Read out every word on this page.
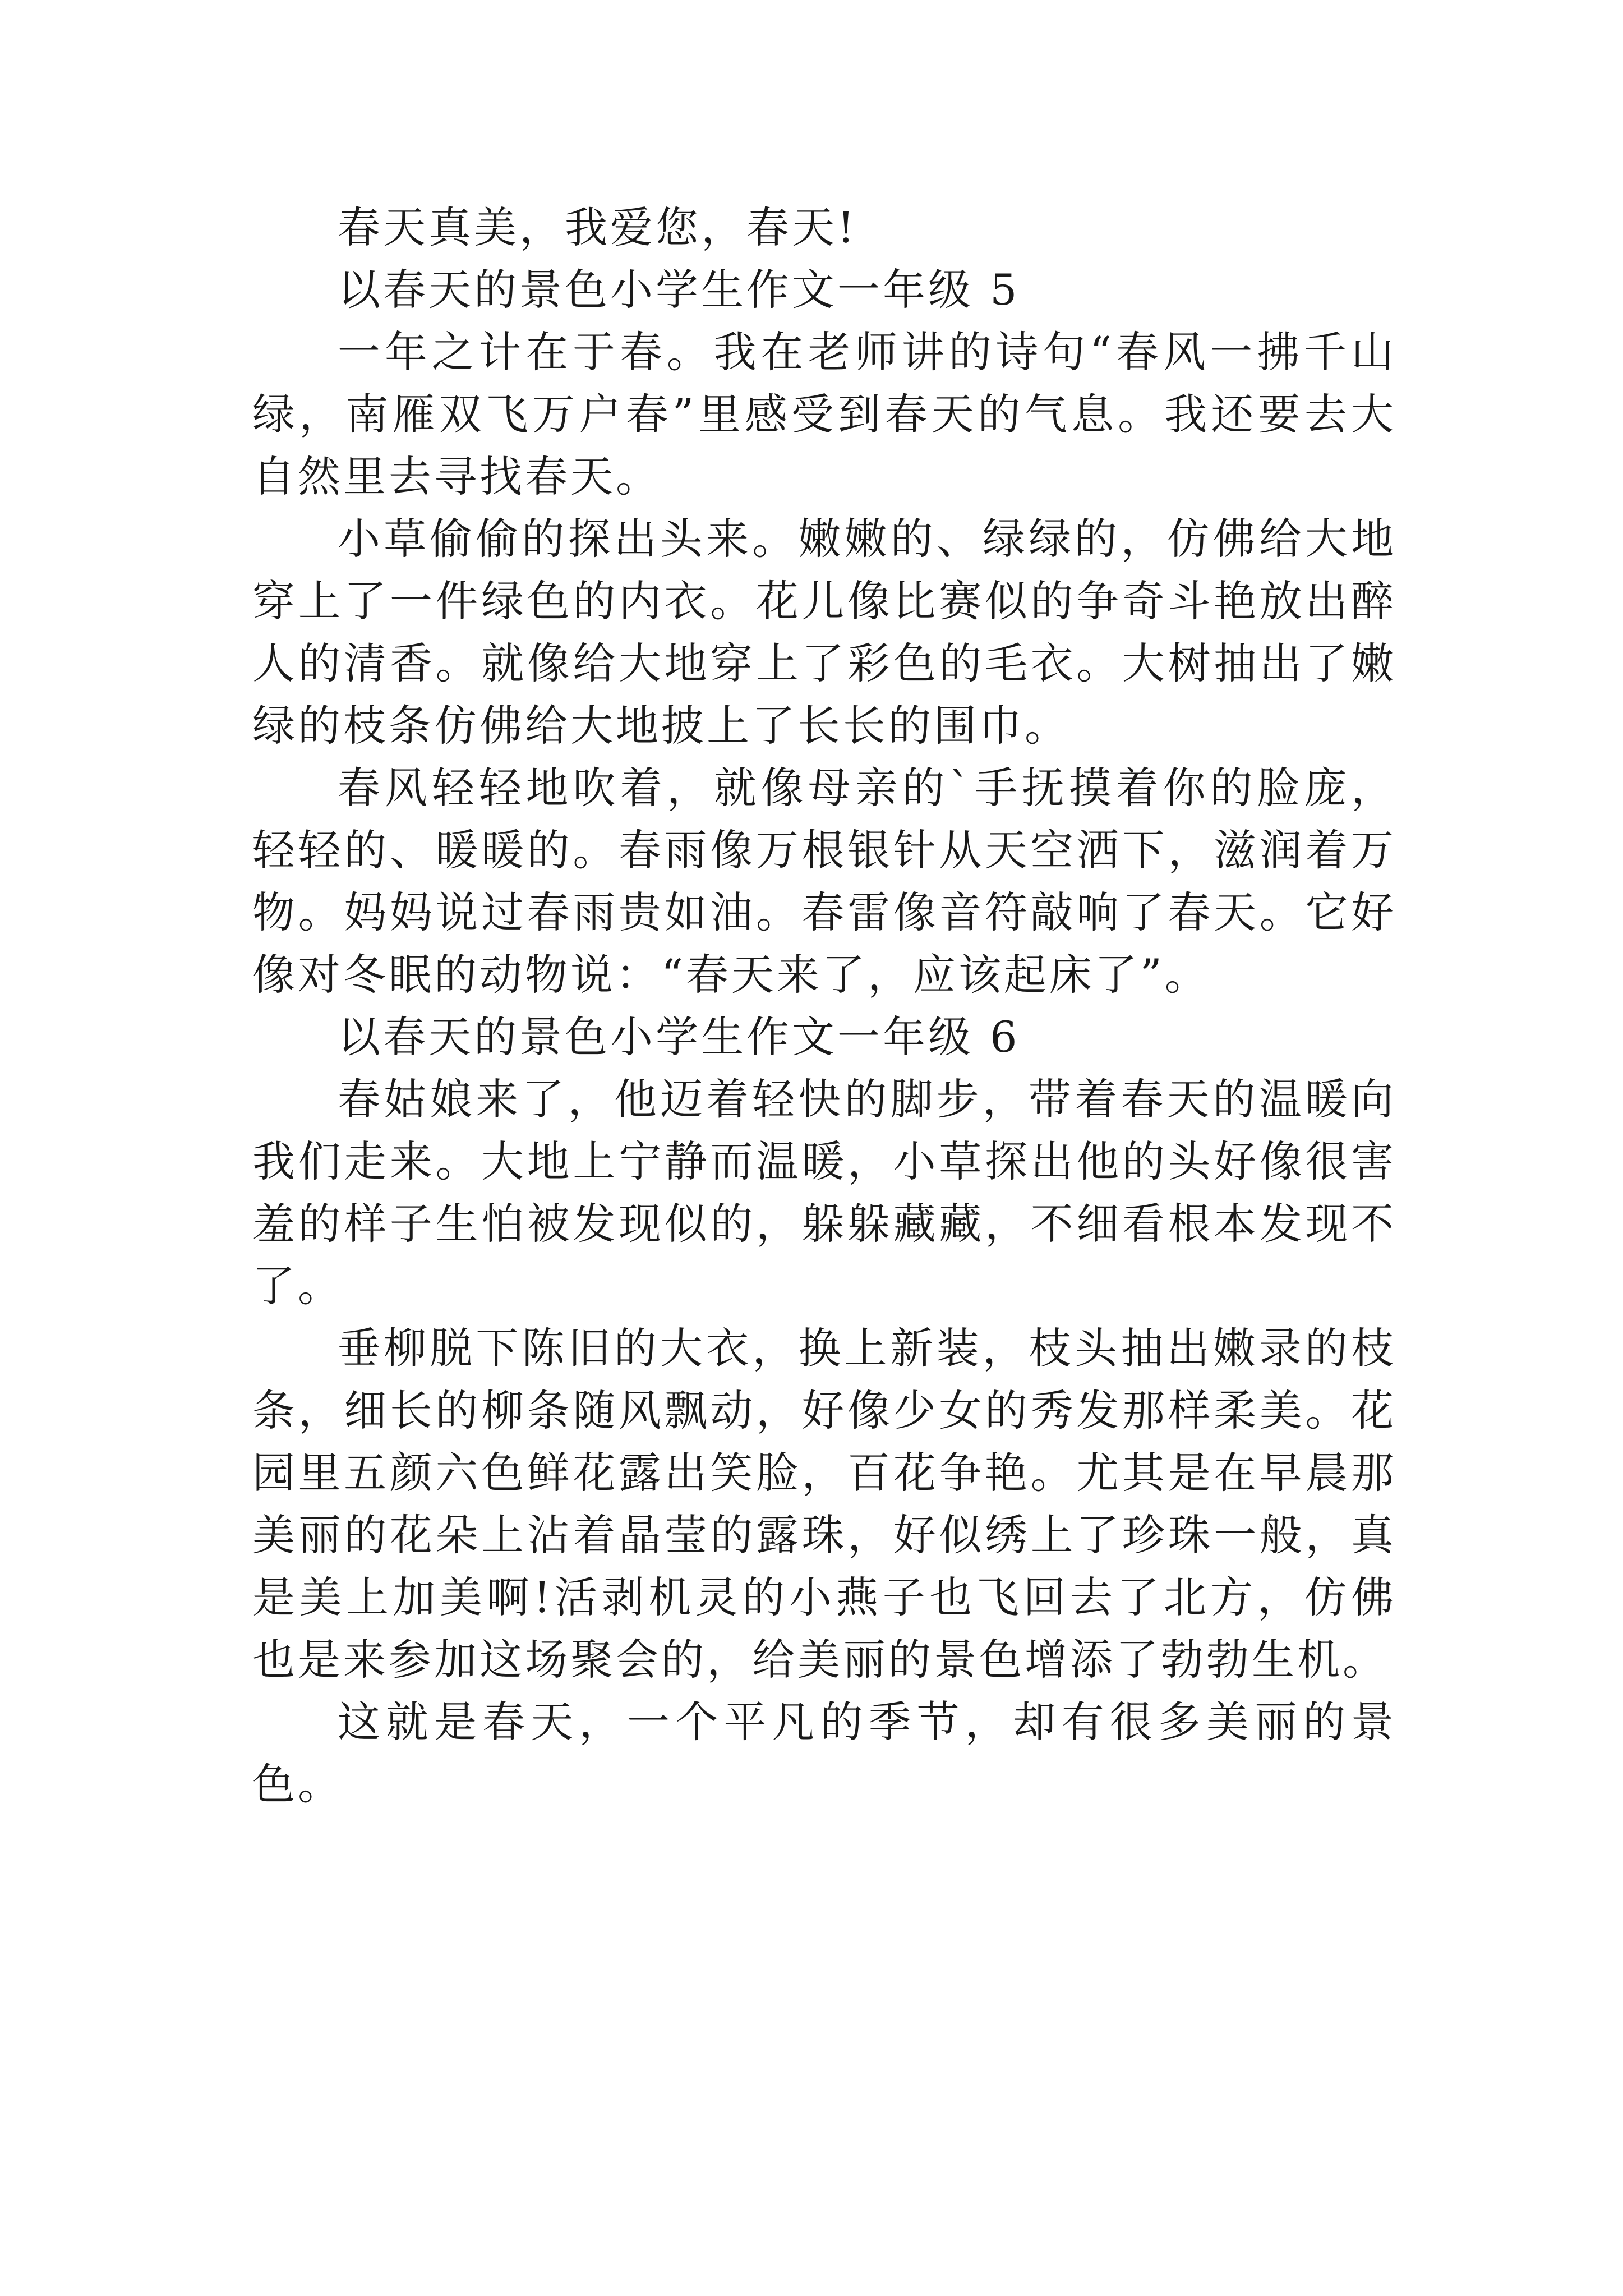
春天真美，我爱您，春天!

以春天的景色小学生作文一年级 5

一年之计在于春。我在老师讲的诗句“春风一拂千山绿，南雁双飞万户春”里感受到春天的气息。我还要去大自然里去寻找春天。

小草偷偷的探出头来。嫩嫩的、绿绿的，仿佛给大地穿上了一件绿色的内衣。花儿像比赛似的争奇斗艳放出醉人的清香。就像给大地穿上了彩色的毛衣。大树抽出了嫩绿的枝条仿佛给大地披上了长长的围巾。

春风轻轻地吹着，就像母亲的`手抚摸着你的脸庞，轻轻的、暖暖的。春雨像万根银针从天空洒下，滋润着万物。妈妈说过春雨贵如油。春雷像音符敲响了春天。它好像对冬眠的动物说：“春天来了，应该起床了”。

以春天的景色小学生作文一年级 6

春姑娘来了，他迈着轻快的脚步，带着春天的温暖向我们走来。大地上宁静而温暖，小草探出他的头好像很害羞的样子生怕被发现似的，躲躲藏藏，不细看根本发现不了。

垂柳脱下陈旧的大衣，换上新装，枝头抽出嫩录的枝条，细长的柳条随风飘动，好像少女的秀发那样柔美。花园里五颜六色鲜花露出笑脸，百花争艳。尤其是在早晨那美丽的花朵上沾着晶莹的露珠，好似绣上了珍珠一般，真是美上加美啊!活剥机灵的小燕子也飞回去了北方，仿佛也是来参加这场聚会的，给美丽的景色增添了勃勃生机。

这就是春天，一个平凡的季节，却有很多美丽的景色。
